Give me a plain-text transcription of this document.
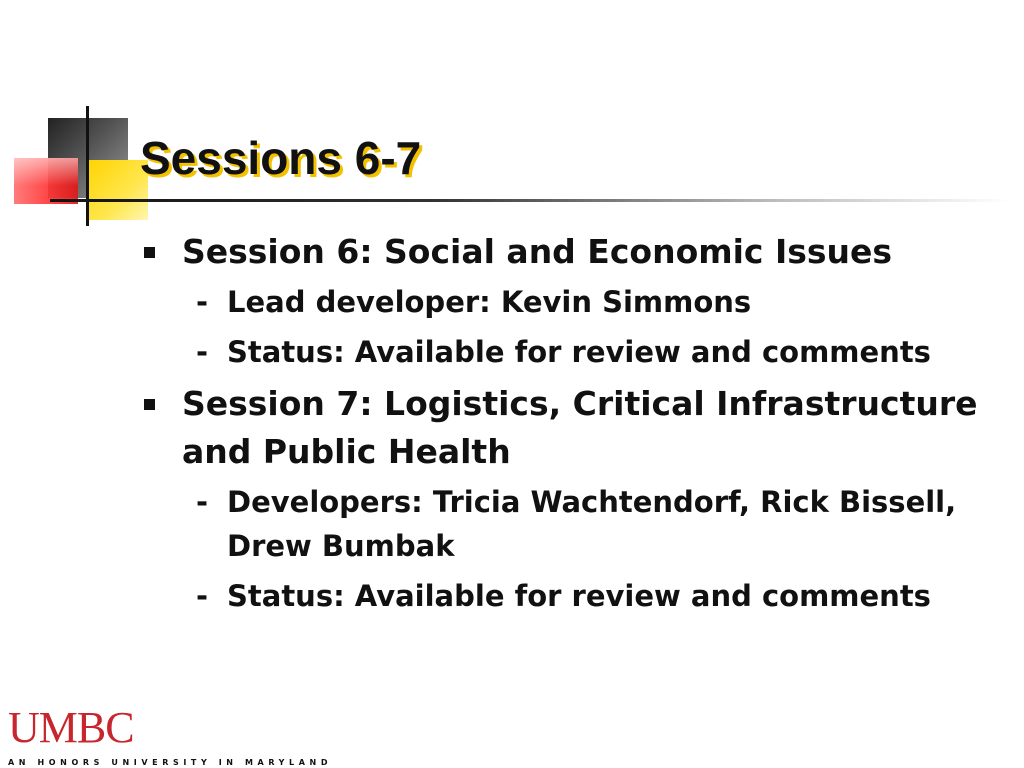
Sessions 6-7
Session 6: Social and Economic Issues
- Lead developer: Kevin Simmons
- Status: Available for review and comments
Session 7: Logistics, Critical Infrastructure and Public Health
- Developers: Tricia Wachtendorf, Rick Bissell, Drew Bumbak
- Status: Available for review and comments
UMBC
AN HONORS UNIVERSITY IN MARYLAND
